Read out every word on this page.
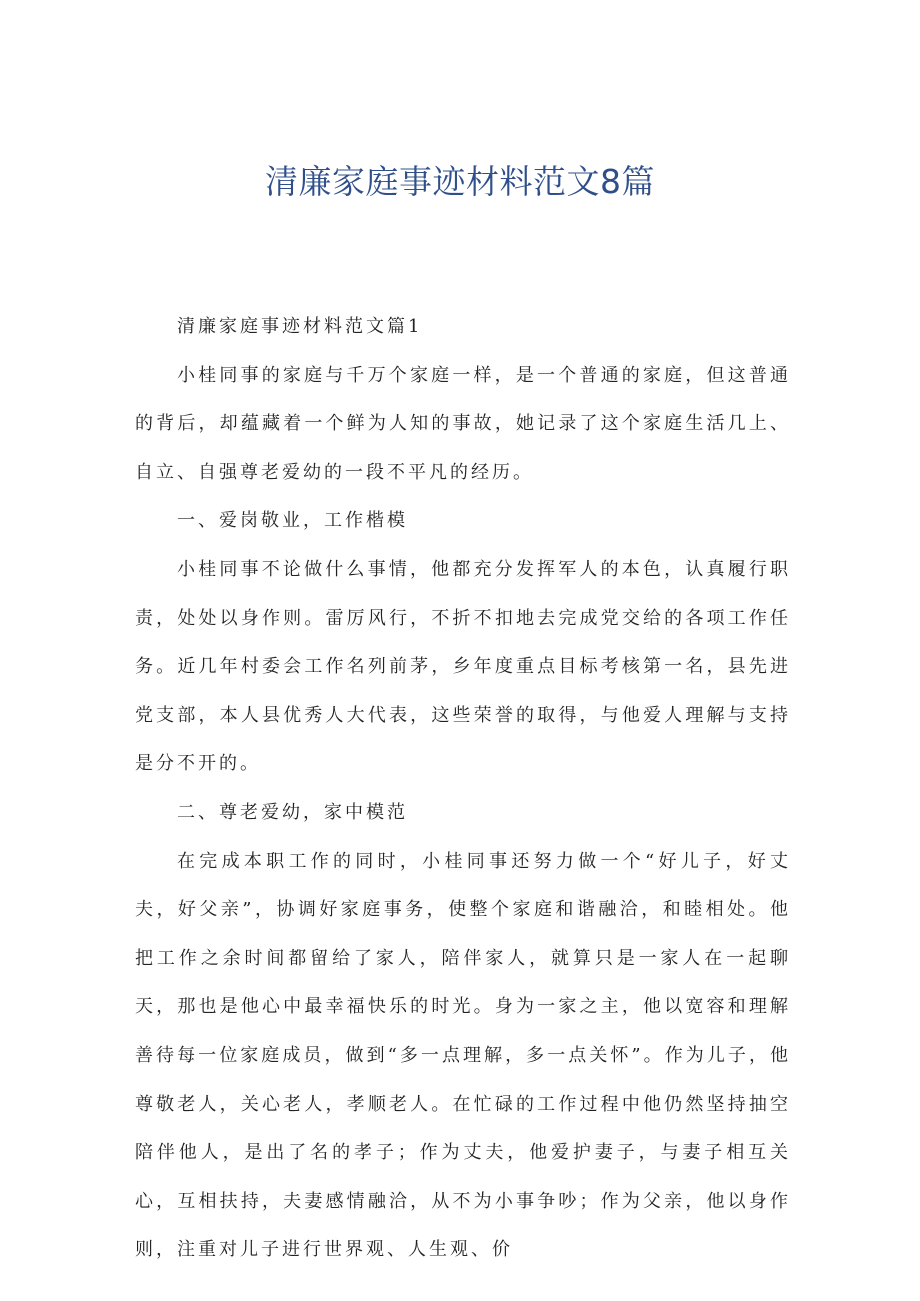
清廉家庭事迹材料范文8篇

清廉家庭事迹材料范文篇1

小桂同事的家庭与千万个家庭一样，是一个普通的家庭，但这普通的背后，却蕴藏着一个鲜为人知的事故，她记录了这个家庭生活几上、自立、自强尊老爱幼的一段不平凡的经历。

一、爱岗敬业，工作楷模

小桂同事不论做什么事情，他都充分发挥军人的本色，认真履行职责，处处以身作则。雷厉风行，不折不扣地去完成党交给的各项工作任务。近几年村委会工作名列前茅，乡年度重点目标考核第一名，县先进党支部，本人县优秀人大代表，这些荣誉的取得，与他爱人理解与支持是分不开的。

二、尊老爱幼，家中模范

在完成本职工作的同时，小桂同事还努力做一个“好儿子，好丈夫，好父亲”，协调好家庭事务，使整个家庭和谐融洽，和睦相处。他把工作之余时间都留给了家人，陪伴家人，就算只是一家人在一起聊天，那也是他心中最幸福快乐的时光。身为一家之主，他以宽容和理解善待每一位家庭成员，做到“多一点理解，多一点关怀”。作为儿子，他尊敬老人，关心老人，孝顺老人。在忙碌的工作过程中他仍然坚持抽空陪伴他人，是出了名的孝子；作为丈夫，他爱护妻子，与妻子相互关心，互相扶持，夫妻感情融洽，从不为小事争吵；作为父亲，他以身作则，注重对儿子进行世界观、人生观、价
